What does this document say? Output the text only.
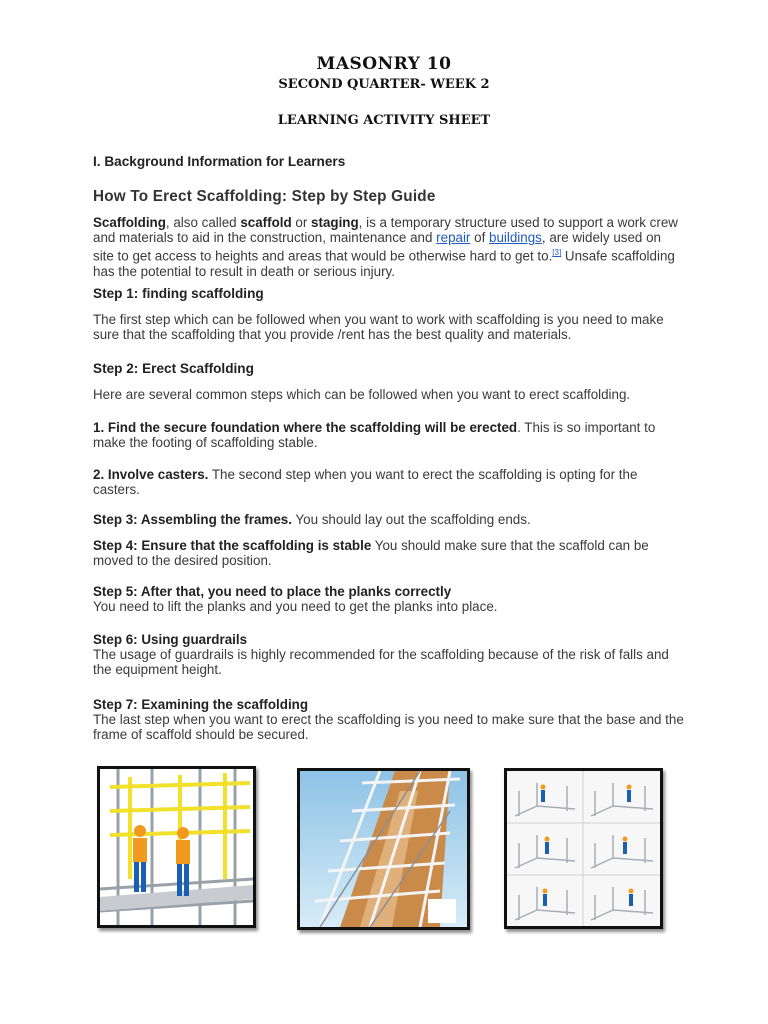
MASONRY 10
SECOND QUARTER- WEEK 2
LEARNING ACTIVITY SHEET
I. Background Information for Learners
How To Erect Scaffolding: Step by Step Guide
Scaffolding, also called scaffold or staging, is a temporary structure used to support a work crew and materials to aid in the construction, maintenance and repair of buildings, are widely used on site to get access to heights and areas that would be otherwise hard to get to.[3] Unsafe scaffolding has the potential to result in death or serious injury.
Step 1: finding scaffolding
The first step which can be followed when you want to work with scaffolding is you need to make sure that the scaffolding that you provide /rent has the best quality and materials.
Step 2: Erect Scaffolding
Here are several common steps which can be followed when you want to erect scaffolding.
1. Find the secure foundation where the scaffolding will be erected. This is so important to make the footing of scaffolding stable.
2. Involve casters. The second step when you want to erect the scaffolding is opting for the casters.
Step 3: Assembling the frames. You should lay out the scaffolding ends.
Step 4: Ensure that the scaffolding is stable You should make sure that the scaffold can be moved to the desired position.
Step 5: After that, you need to place the planks correctly
You need to lift the planks and you need to get the planks into place.
Step 6: Using guardrails
The usage of guardrails is highly recommended for the scaffolding because of the risk of falls and the equipment height.
Step 7: Examining the scaffolding
The last step when you want to erect the scaffolding is you need to make sure that the base and the frame of scaffold should be secured.
